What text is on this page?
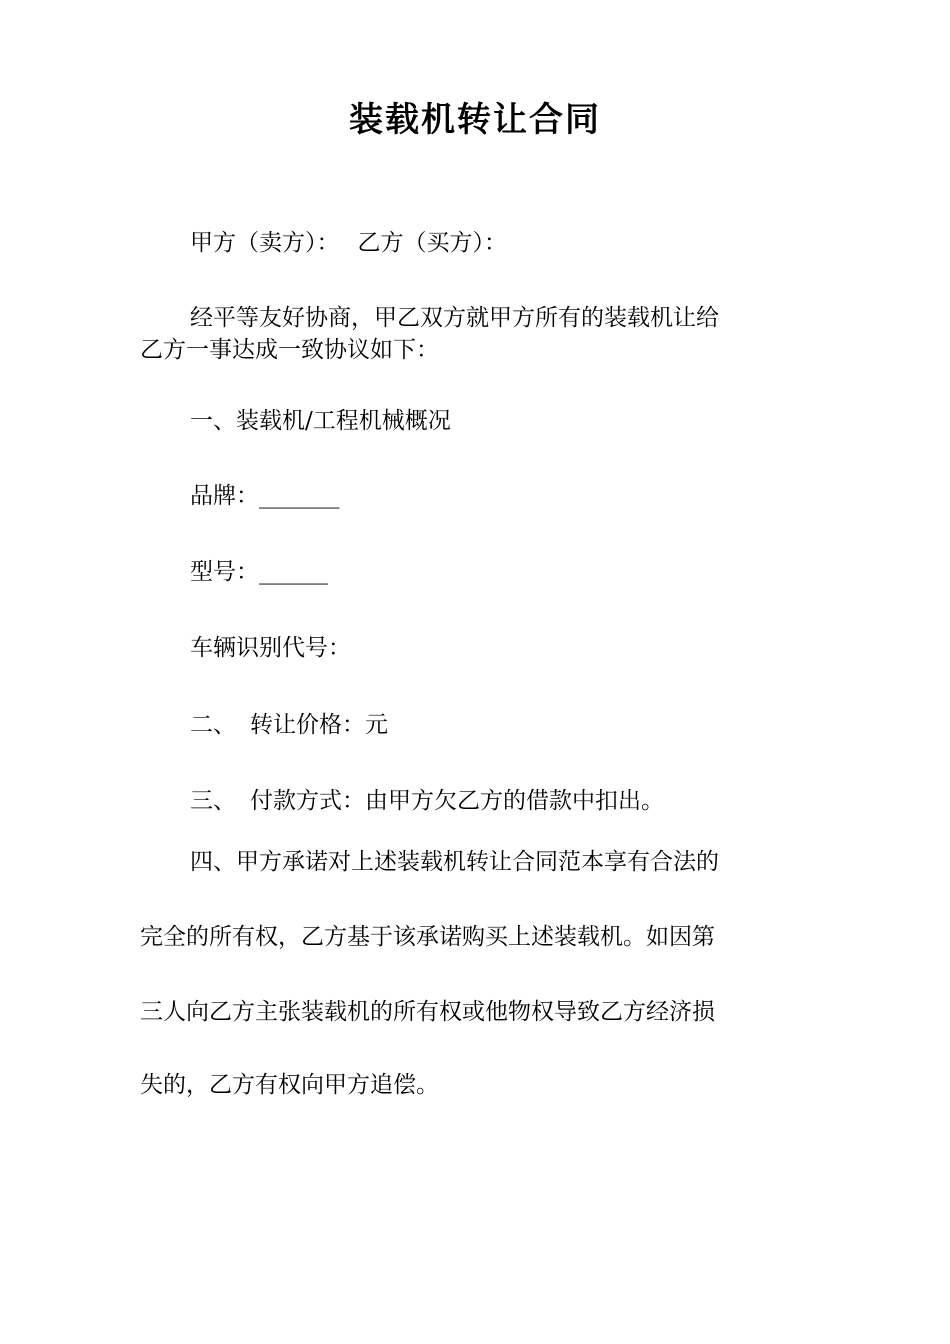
装载机转让合同
甲方（卖方）： 乙方（买方）：
经平等友好协商，甲乙双方就甲方所有的装载机让给
乙方一事达成一致协议如下：
一、装载机/工程机械概况
品牌：_______
型号：______
车辆识别代号：
二、 转让价格：元
三、 付款方式：由甲方欠乙方的借款中扣出。
四、甲方承诺对上述装载机转让合同范本享有合法的
完全的所有权，乙方基于该承诺购买上述装载机。如因第
三人向乙方主张装载机的所有权或他物权导致乙方经济损
失的，乙方有权向甲方追偿。
